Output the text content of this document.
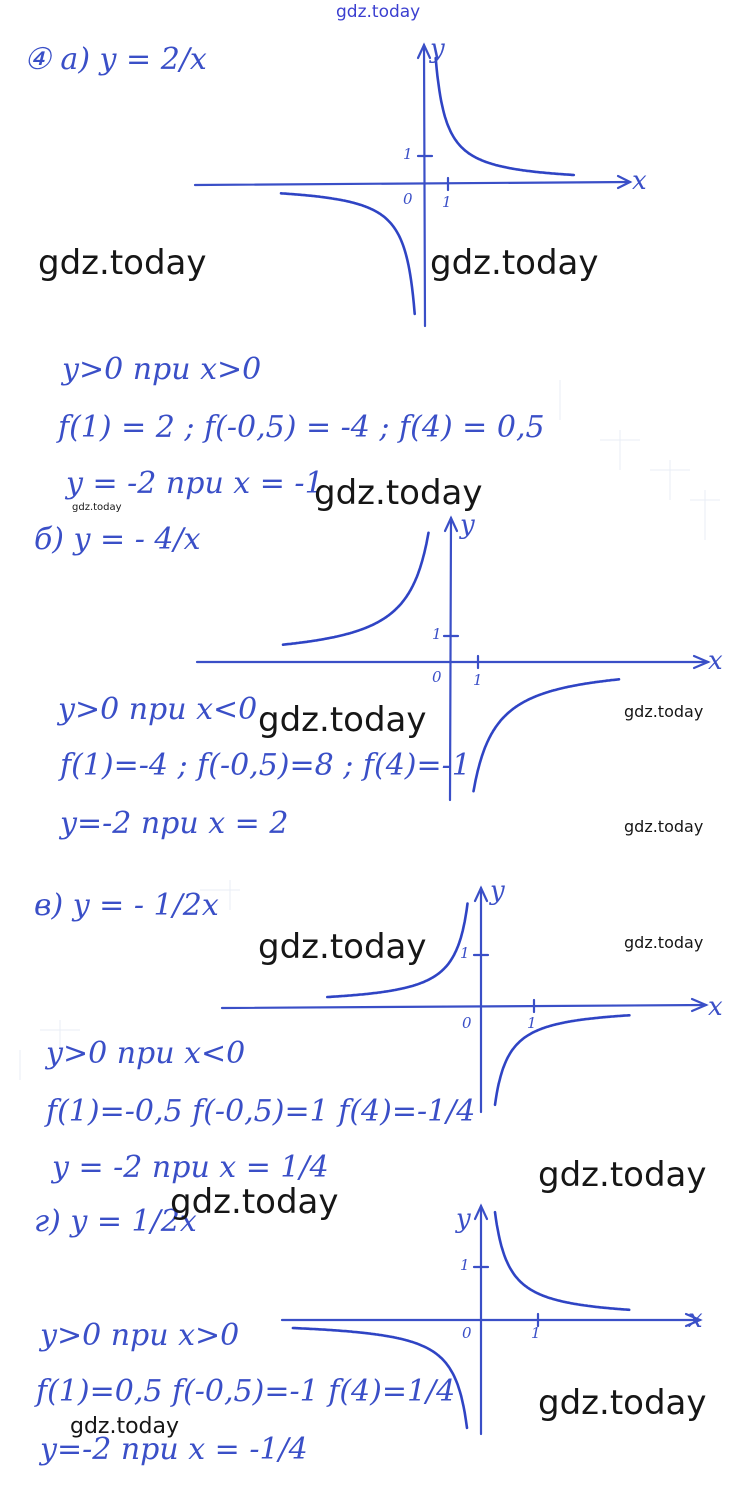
④ а) y = 2/x
x
y
0 1
1
y>0 при x>0
f(1) = 2 ; f(-0,5) = -4 ; f(4) = 0,5
y = -2 при x = -1
б) y = - 4/x
x
y
0 1
1
y>0 при x<0
f(1)=-4 ; f(-0,5)=8 ; f(4)=-1
y=-2 при x = 2
в) y = - 1/2x
x
y
0	1
1
y>0 при x<0
f(1)=-0,5 f(-0,5)=1 f(4)=-1/4
y = -2 при x = 1/4
г) y = 1/2x
x
y
0	1
1
y>0 при x>0
f(1)=0,5 f(-0,5)=-1 f(4)=1/4
y=-2 при x = -1/4
gdz.today
gdz.today	gdz.today
gdz.today
gdz.today
gdz.today	gdz.today
gdz.today
gdz.today	gdz.today
gdz.today
gdz.today
gdz.today
gdz.today
